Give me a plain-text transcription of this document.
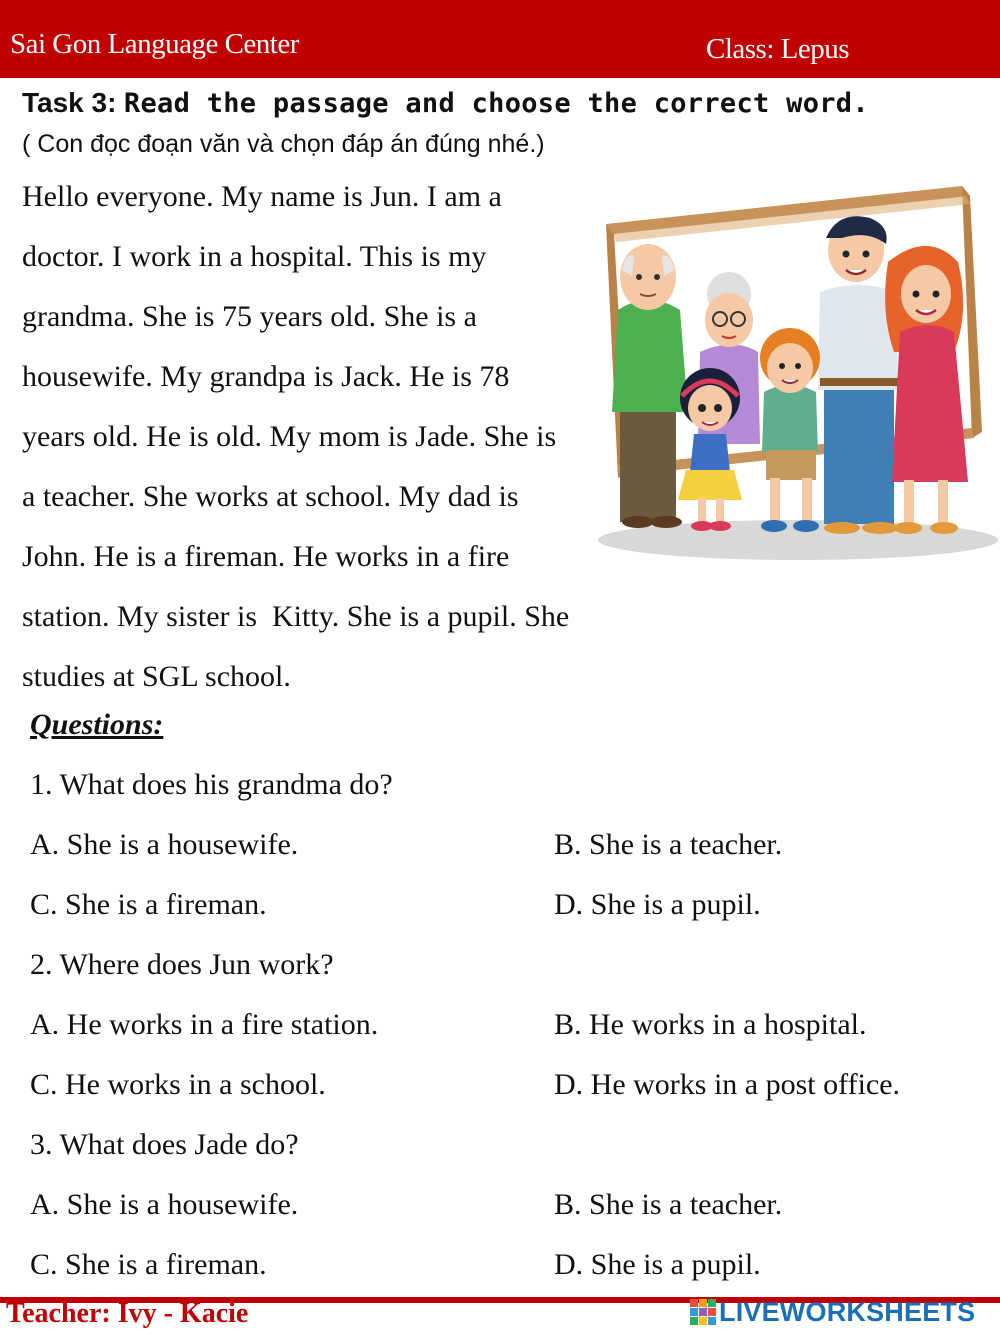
Sai Gon Language Center	Class: Lepus
Task 3: Read the passage and choose the correct word.
( Con đọc đoạn văn và chọn đáp án đúng nhé.)
Hello everyone. My name is Jun. I am a
doctor. I work in a hospital. This is my
grandma. She is 75 years old. She is a
housewife. My grandpa is Jack. He is 78
years old. He is old. My mom is Jade. She is
a teacher. She works at school. My dad is
John. He is a fireman. He works in a fire
station. My sister is  Kitty. She is a pupil. She
studies at SGL school.
Questions:
1. What does his grandma do?
A. She is a housewife.	B. She is a teacher.
C. She is a fireman.	D. She is a pupil.
2. Where does Jun work?
A. He works in a fire station.	B. He works in a hospital.
C. He works in a school.	D. He works in a post office.
3. What does Jade do?
A. She is a housewife.	B. She is a teacher.
C. She is a fireman.	D. She is a pupil.
Teacher: Ivy - Kacie	LIVEWORKSHEETS
